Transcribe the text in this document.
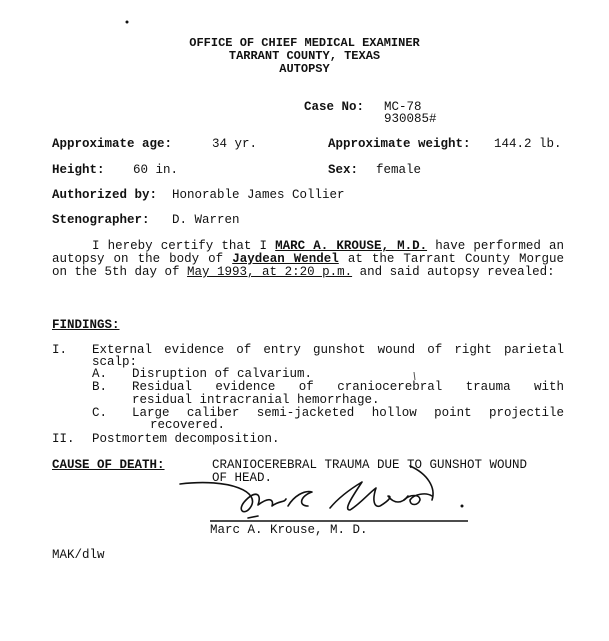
OFFICE OF CHIEF MEDICAL EXAMINER
TARRANT COUNTY, TEXAS
AUTOPSY
Case No: MC-78
930085#
Approximate age:	34 yr.	Approximate weight: 144.2 lb.
Height: 60 in.	Sex: female
Authorized by: Honorable James Collier
Stenographer: D. Warren
I hereby certify that I MARC A. KROUSE, M.D. have performed an autopsy on the body of Jaydean Wendel at the Tarrant County Morgue on the 5th day of May 1993, at 2:20 p.m. and said autopsy revealed:
FINDINGS:
I. External evidence of entry gunshot wound of right parietal
scalp:
A. Disruption of calvarium.
B. Residual evidence of craniocerebral trauma with
residual intracranial hemorrhage.
C. Large caliber semi-jacketed hollow point projectile
recovered.
II. Postmortem decomposition.
CAUSE OF DEATH:	CRANIOCEREBRAL TRAUMA DUE TO GUNSHOT WOUND
OF HEAD.
Marc A. Krouse, M. D.
MAK/dlw
